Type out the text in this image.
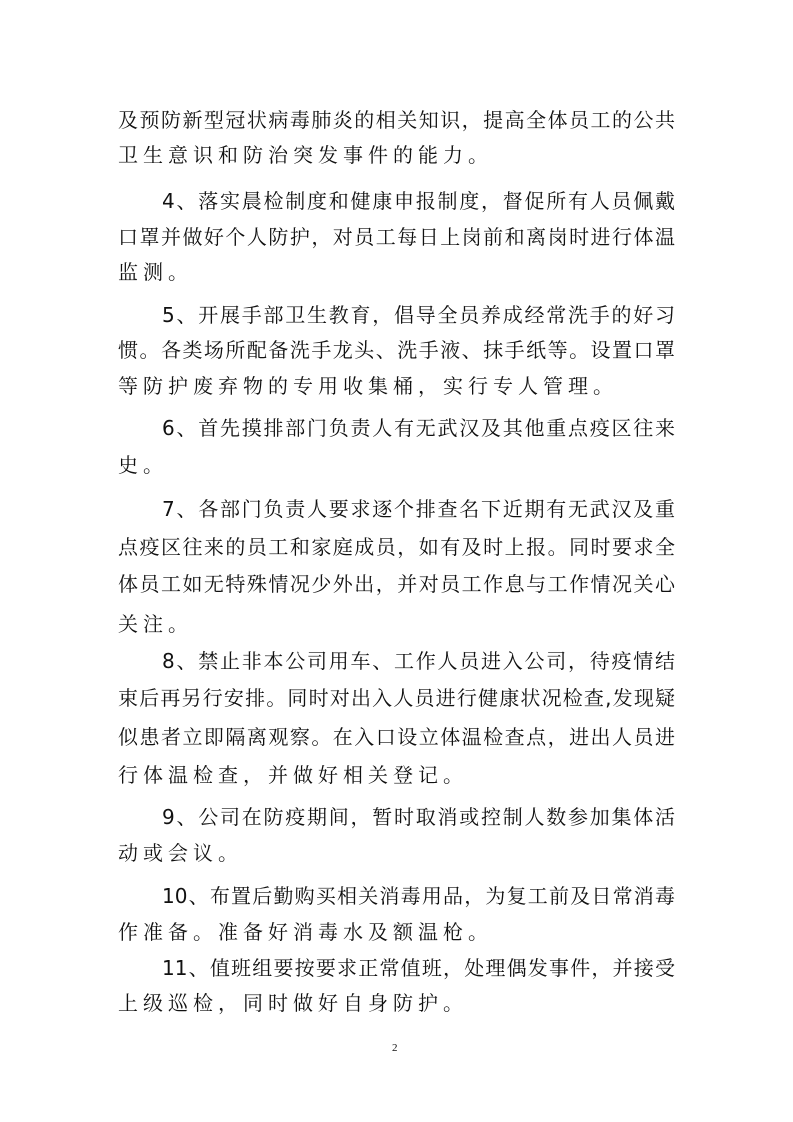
及预防新型冠状病毒肺炎的相关知识，提高全体员工的公共
卫生意识和防治突发事件的能力。
4、落实晨检制度和健康申报制度，督促所有人员佩戴
口罩并做好个人防护，对员工每日上岗前和离岗时进行体温
监测。
5、开展手部卫生教育，倡导全员养成经常洗手的好习
惯。各类场所配备洗手龙头、洗手液、抹手纸等。设置口罩
等防护废弃物的专用收集桶，实行专人管理。
6、首先摸排部门负责人有无武汉及其他重点疫区往来
史。
7、各部门负责人要求逐个排查名下近期有无武汉及重
点疫区往来的员工和家庭成员，如有及时上报。同时要求全
体员工如无特殊情况少外出，并对员工作息与工作情况关心
关注。
8、禁止非本公司用车、工作人员进入公司，待疫情结
束后再另行安排。同时对出入人员进行健康状况检查,发现疑
似患者立即隔离观察。在入口设立体温检查点，进出人员进
行体温检查，并做好相关登记。
9、公司在防疫期间，暂时取消或控制人数参加集体活
动或会议。
10、布置后勤购买相关消毒用品，为复工前及日常消毒
作准备。准备好消毒水及额温枪。
11、值班组要按要求正常值班，处理偶发事件，并接受
上级巡检，同时做好自身防护。
2
